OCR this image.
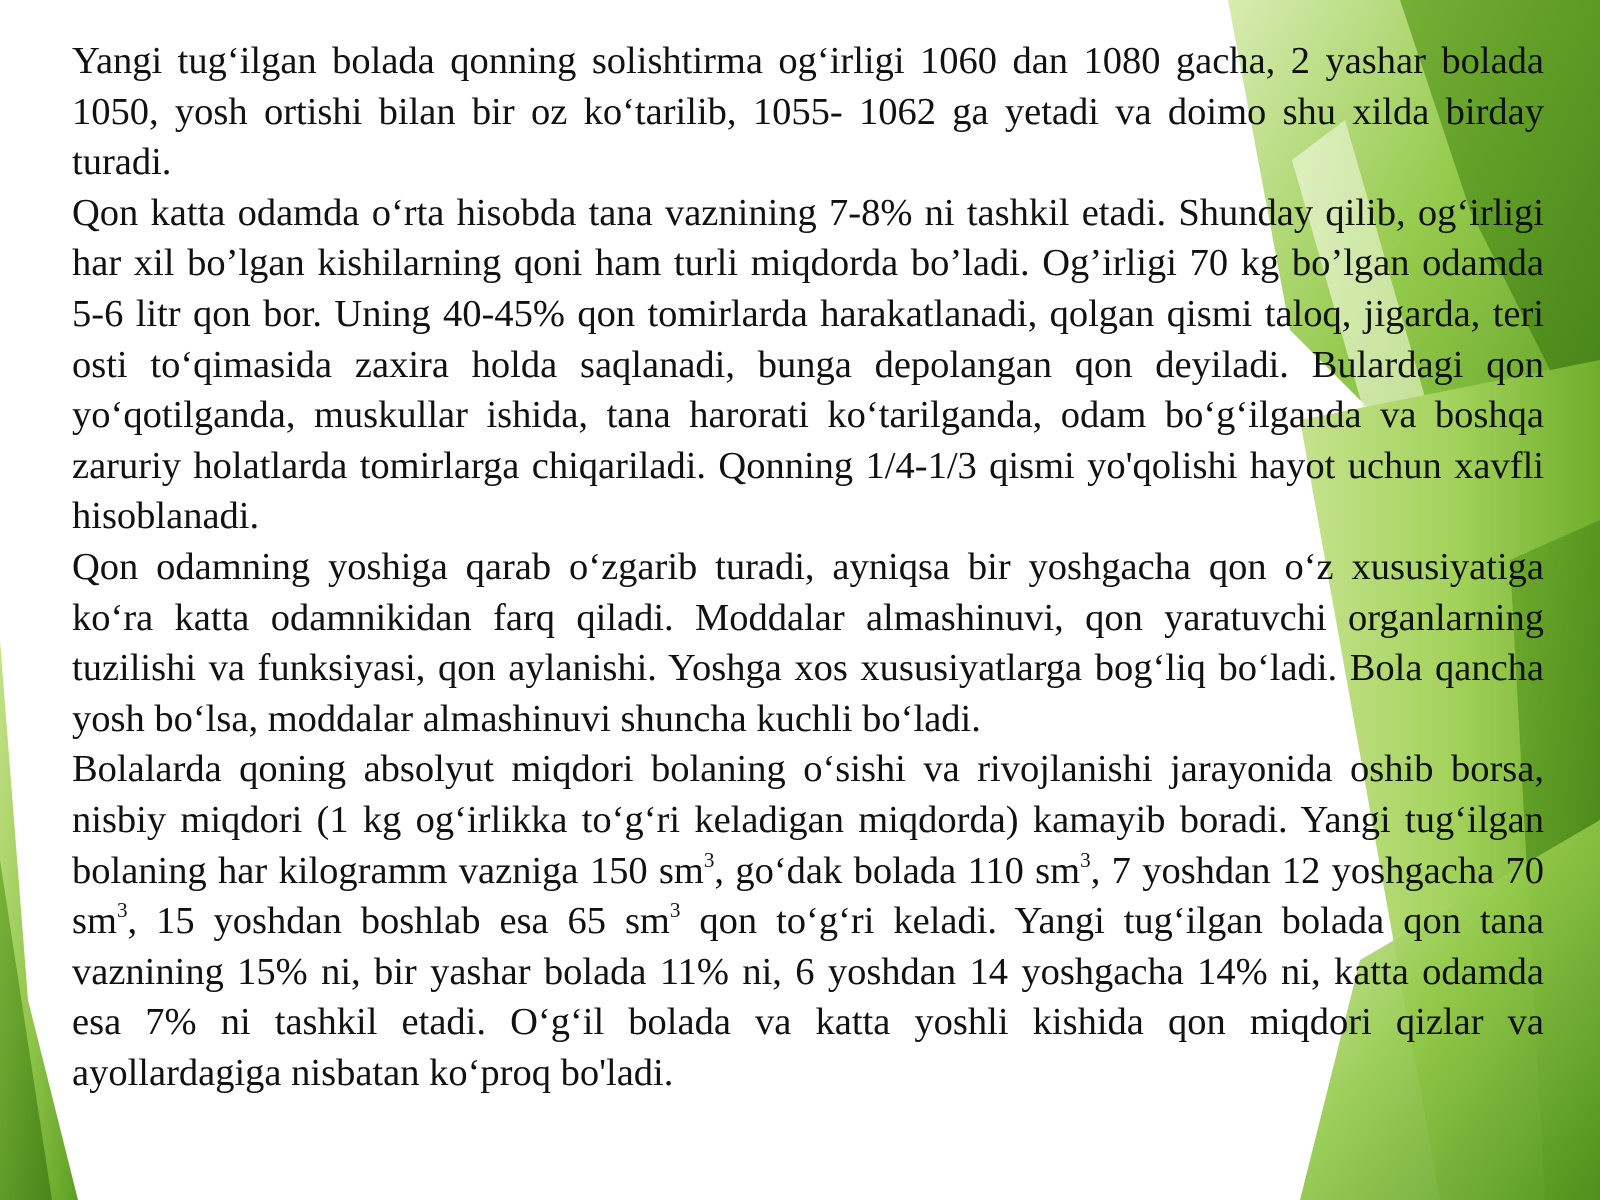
Yangi tug‘ilgan bolada qonning solishtirma og‘irligi 1060 dan 1080 gacha, 2 yashar bolada 1050, yosh ortishi bilan bir oz ko‘tarilib, 1055- 1062 ga yetadi va doimo shu xilda birday turadi.

Qon katta odamda o‘rta hisobda tana vaznining 7-8% ni tashkil etadi. Shunday qilib, og‘irligi har xil bo’lgan kishilarning qoni ham turli miqdorda bo’ladi. Og’irligi 70 kg bo’lgan odamda 5-6 litr qon bor. Uning 40-45% qon tomirlarda harakatlanadi, qolgan qismi taloq, jigarda, teri osti to‘qimasida zaxira holda saqlanadi, bunga depolangan qon deyiladi. Bulardagi qon yo‘qotilganda, muskullar ishida, tana harorati ko‘tarilganda, odam bo‘g‘ilganda va boshqa zaruriy holatlarda tomirlarga chiqariladi. Qonning 1/4-1/3 qismi yo'qolishi hayot uchun xavfli hisoblanadi.

Qon odamning yoshiga qarab o‘zgarib turadi, ayniqsa bir yoshgacha qon o‘z xususiyatiga ko‘ra katta odamnikidan farq qiladi. Moddalar almashinuvi, qon yaratuvchi organlarning tuzilishi va funksiyasi, qon aylanishi. Yoshga xos xususiyatlarga bog‘liq bo‘ladi. Bola qancha yosh bo‘lsa, moddalar almashinuvi shuncha kuchli bo‘ladi.

Bolalarda qoning absolyut miqdori bolaning o‘sishi va rivojlanishi jarayonida oshib borsa, nisbiy miqdori (1 kg og‘irlikka to‘g‘ri keladigan miqdorda) kamayib boradi. Yangi tug‘ilgan bolaning har kilogramm vazniga 150 $sm^3$, go‘dak bolada 110 $sm^3$, 7 yoshdan 12 yoshgacha 70 $sm^3$, 15 yoshdan boshlab esa 65 $sm^3$ qon to‘g‘ri keladi. Yangi tug‘ilgan bolada qon tana vaznining 15% ni, bir yashar bolada 11% ni, 6 yoshdan 14 yoshgacha 14% ni, katta odamda esa 7% ni tashkil etadi. O‘g‘il bolada va katta yoshli kishida qon miqdori qizlar va ayollardagiga nisbatan ko‘proq bo'ladi.
